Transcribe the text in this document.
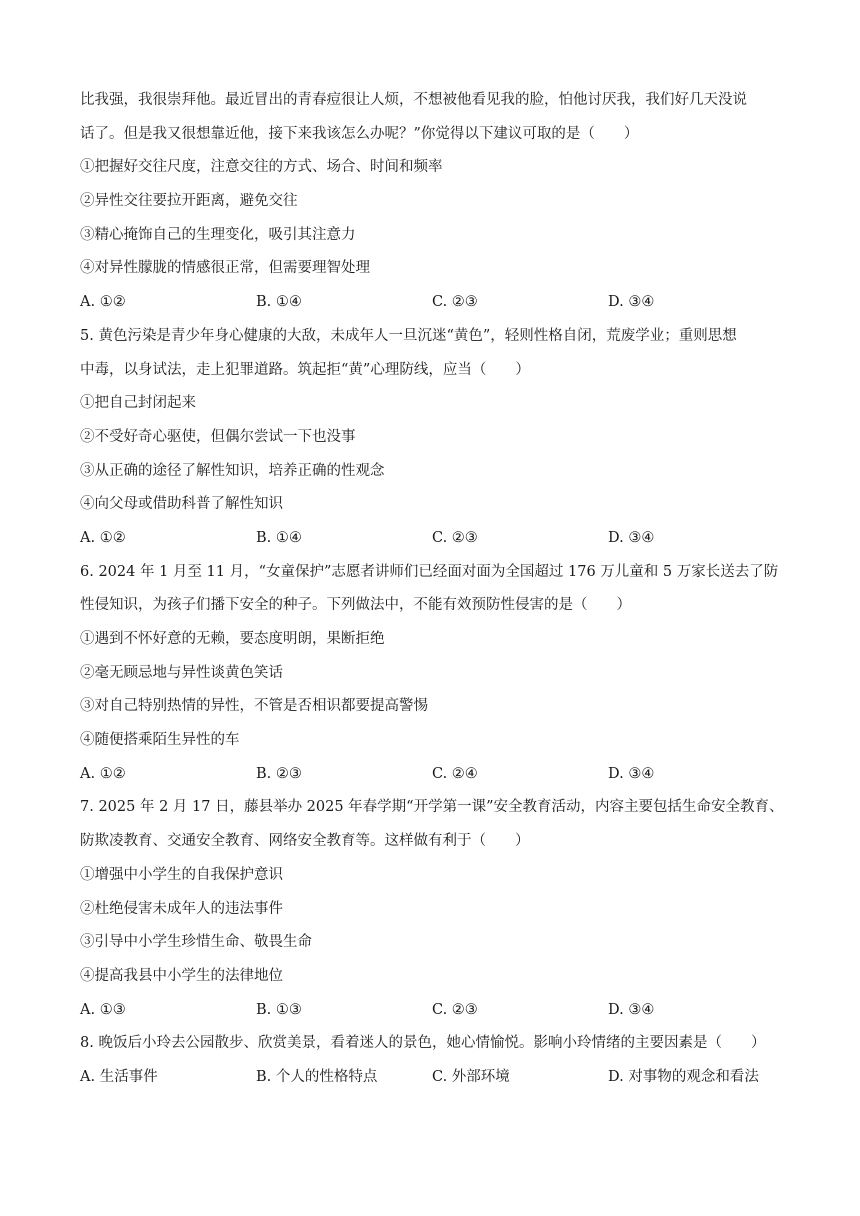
比我强，我很崇拜他。最近冒出的青春痘很让人烦，不想被他看见我的脸，怕他讨厌我，我们好几天没说
话了。但是我又很想靠近他，接下来我该怎么办呢？”你觉得以下建议可取的是（　　）
①把握好交往尺度，注意交往的方式、场合、时间和频率
②异性交往要拉开距离，避免交往
③精心掩饰自己的生理变化，吸引其注意力
④对异性朦胧的情感很正常，但需要理智处理
A. ①②	B. ①④	C. ②③	D. ③④
5. 黄色污染是青少年身心健康的大敌，未成年人一旦沉迷“黄色”，轻则性格自闭，荒废学业；重则思想
中毒，以身试法，走上犯罪道路。筑起拒“黄”心理防线，应当（　　）
①把自己封闭起来
②不受好奇心驱使，但偶尔尝试一下也没事
③从正确的途径了解性知识，培养正确的性观念
④向父母或借助科普了解性知识
A. ①②	B. ①④	C. ②③	D. ③④
6. 2024 年 1 月至 11 月，“女童保护”志愿者讲师们已经面对面为全国超过 176 万儿童和 5 万家长送去了防
性侵知识，为孩子们播下安全的种子。下列做法中，不能有效预防性侵害的是（　　）
①遇到不怀好意的无赖，要态度明朗，果断拒绝
②毫无顾忌地与异性谈黄色笑话
③对自己特别热情的异性，不管是否相识都要提高警惕
④随便搭乘陌生异性的车
A. ①②	B. ②③	C. ②④	D. ③④
7. 2025 年 2 月 17 日，藤县举办 2025 年春学期“开学第一课”安全教育活动，内容主要包括生命安全教育、
防欺凌教育、交通安全教育、网络安全教育等。这样做有利于（　　）
①增强中小学生的自我保护意识
②杜绝侵害未成年人的违法事件
③引导中小学生珍惜生命、敬畏生命
④提高我县中小学生的法律地位
A. ①③	B. ①③	C. ②③	D. ③④
8. 晚饭后小玲去公园散步、欣赏美景，看着迷人的景色，她心情愉悦。影响小玲情绪的主要因素是（　　）
A. 生活事件	B. 个人的性格特点	C. 外部环境	D. 对事物的观念和看法
